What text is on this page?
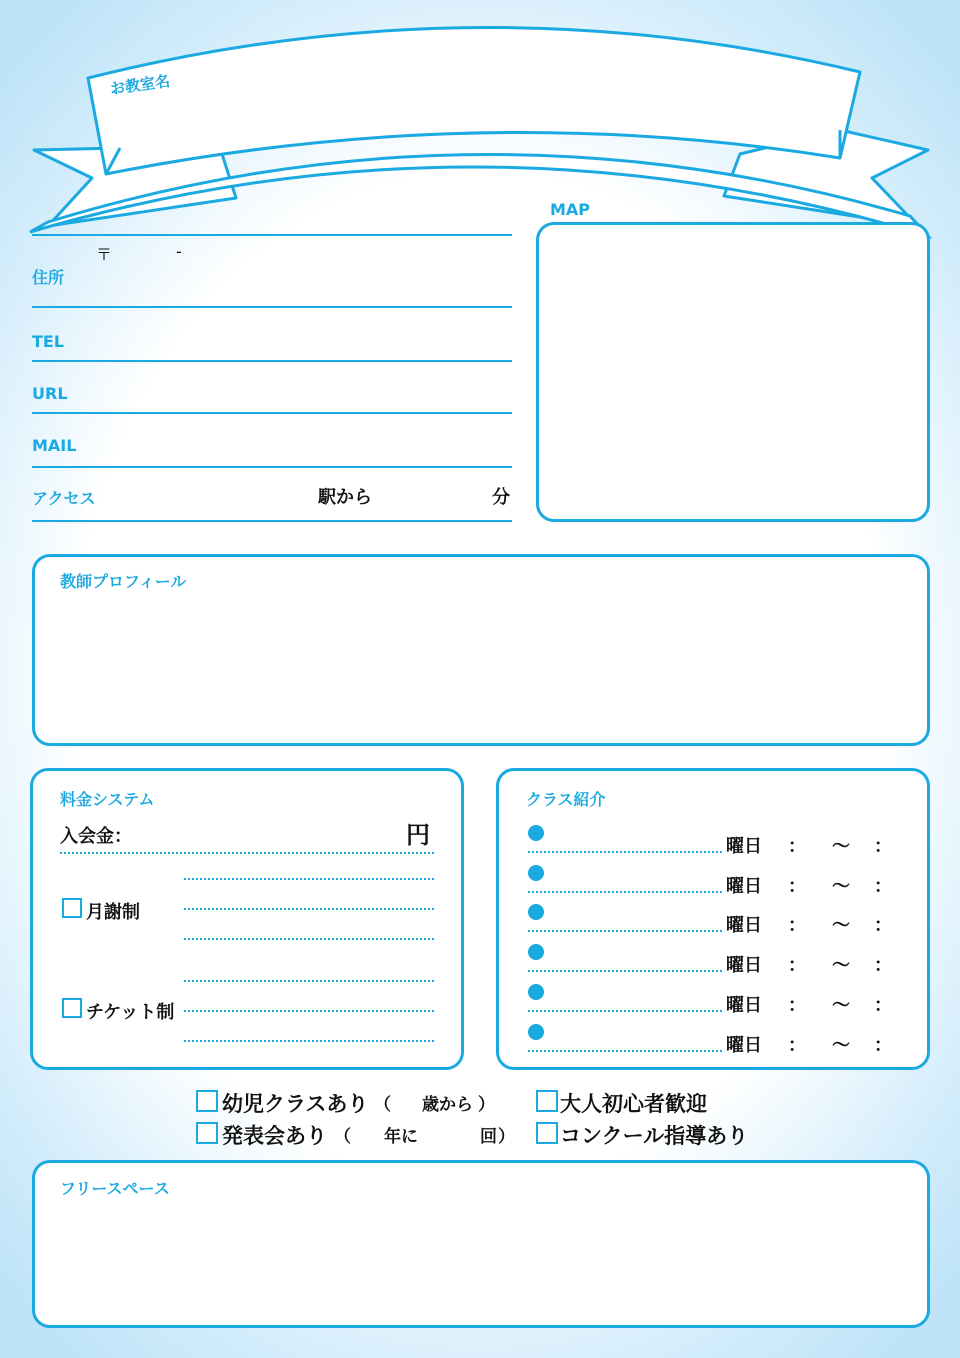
お教室名
〒	-
住所
TEL
URL
MAIL
アクセス	駅から	分
MAP
教師プロフィール
料金システム
入会金：	円
月謝制
チケット制
クラス紹介
曜日 ： 〜 ：
曜日 ： 〜 ：
曜日 ： 〜 ：
曜日 ： 〜 ：
曜日 ： 〜 ：
曜日 ： 〜 ：
幼児クラスあり （ 歳から ）
発表会あり （ 年に	回 ）
大人初心者歓迎
コンクール指導あり
フリースペース
